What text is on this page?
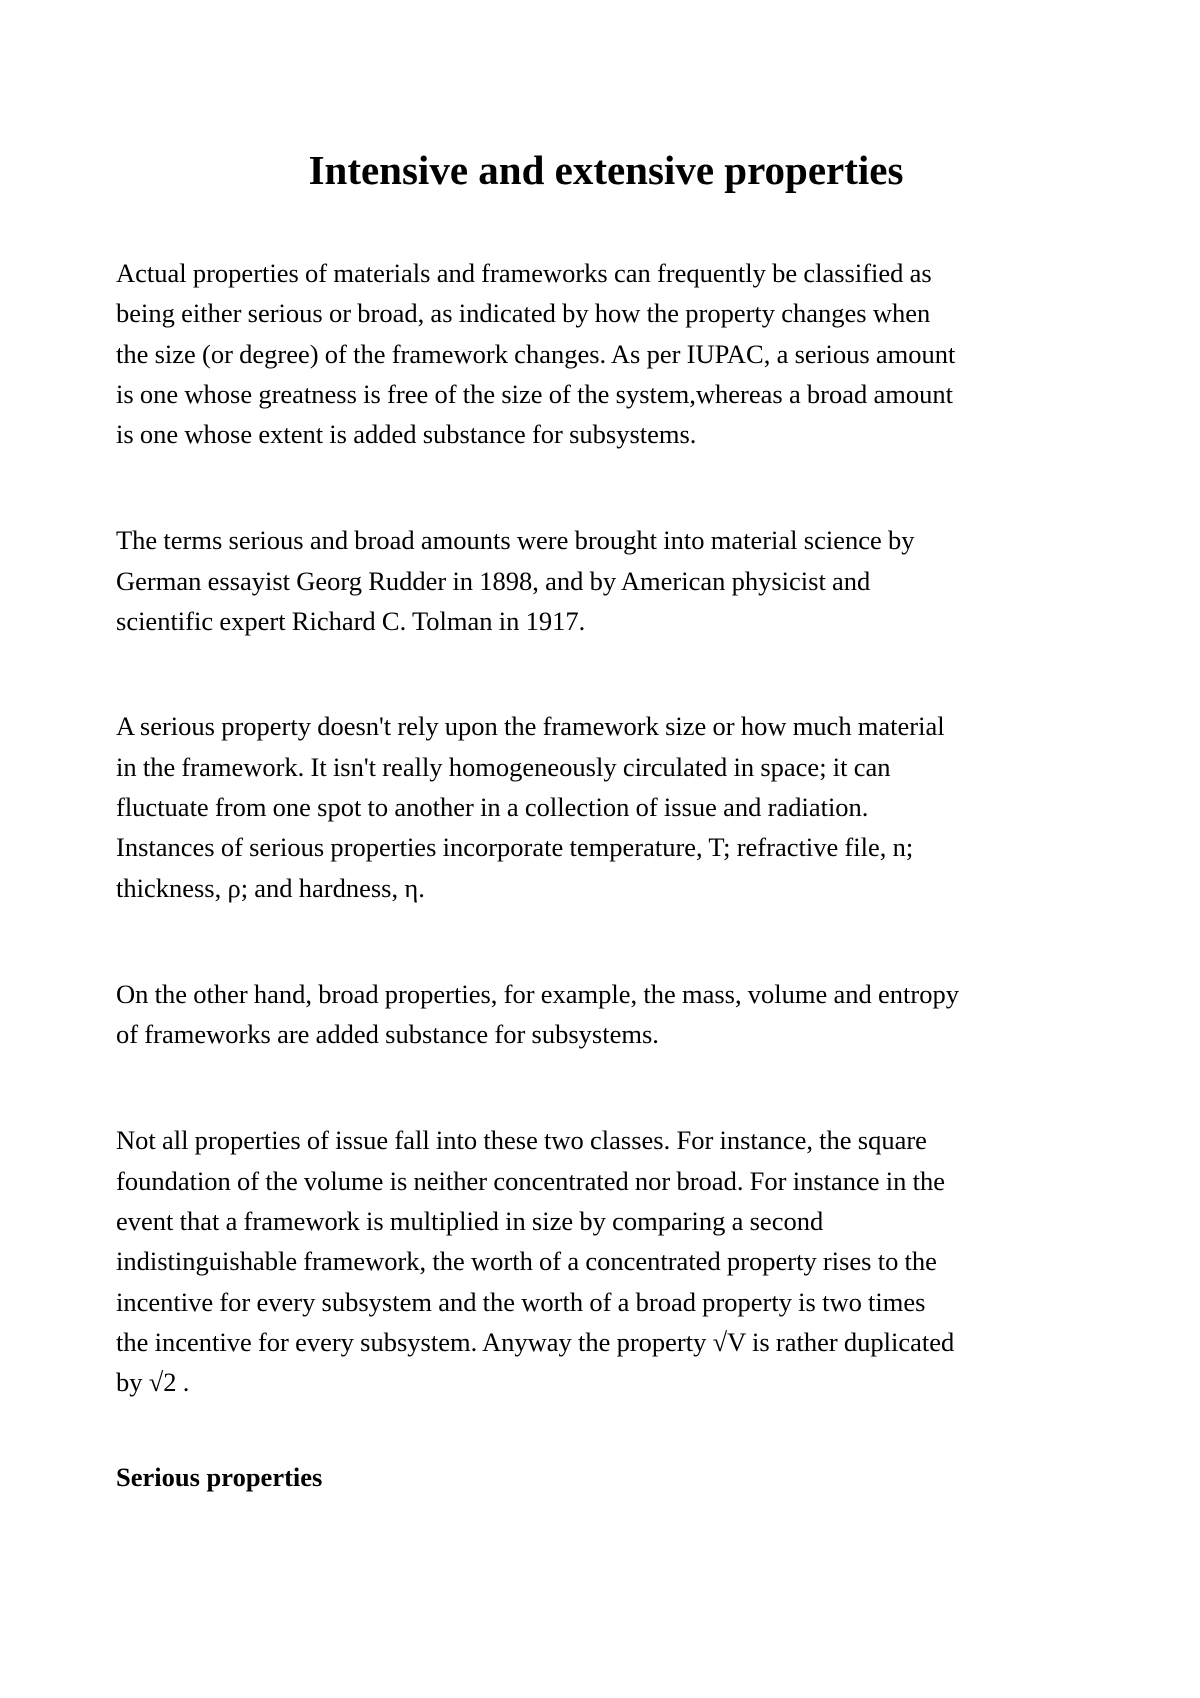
Intensive and extensive properties

Actual properties of materials and frameworks can frequently be classified as
being either serious or broad, as indicated by how the property changes when
the size (or degree) of the framework changes. As per IUPAC, a serious amount
is one whose greatness is free of the size of the system,whereas a broad amount
is one whose extent is added substance for subsystems.

The terms serious and broad amounts were brought into material science by
German essayist Georg Rudder in 1898, and by American physicist and
scientific expert Richard C. Tolman in 1917.

A serious property doesn't rely upon the framework size or how much material
in the framework. It isn't really homogeneously circulated in space; it can
fluctuate from one spot to another in a collection of issue and radiation.
Instances of serious properties incorporate temperature, T; refractive file, n;
thickness, ρ; and hardness, η.

On the other hand, broad properties, for example, the mass, volume and entropy
of frameworks are added substance for subsystems.

Not all properties of issue fall into these two classes. For instance, the square
foundation of the volume is neither concentrated nor broad. For instance in the
event that a framework is multiplied in size by comparing a second
indistinguishable framework, the worth of a concentrated property rises to the
incentive for every subsystem and the worth of a broad property is two times
the incentive for every subsystem. Anyway the property √V is rather duplicated
by √2 .

Serious properties
